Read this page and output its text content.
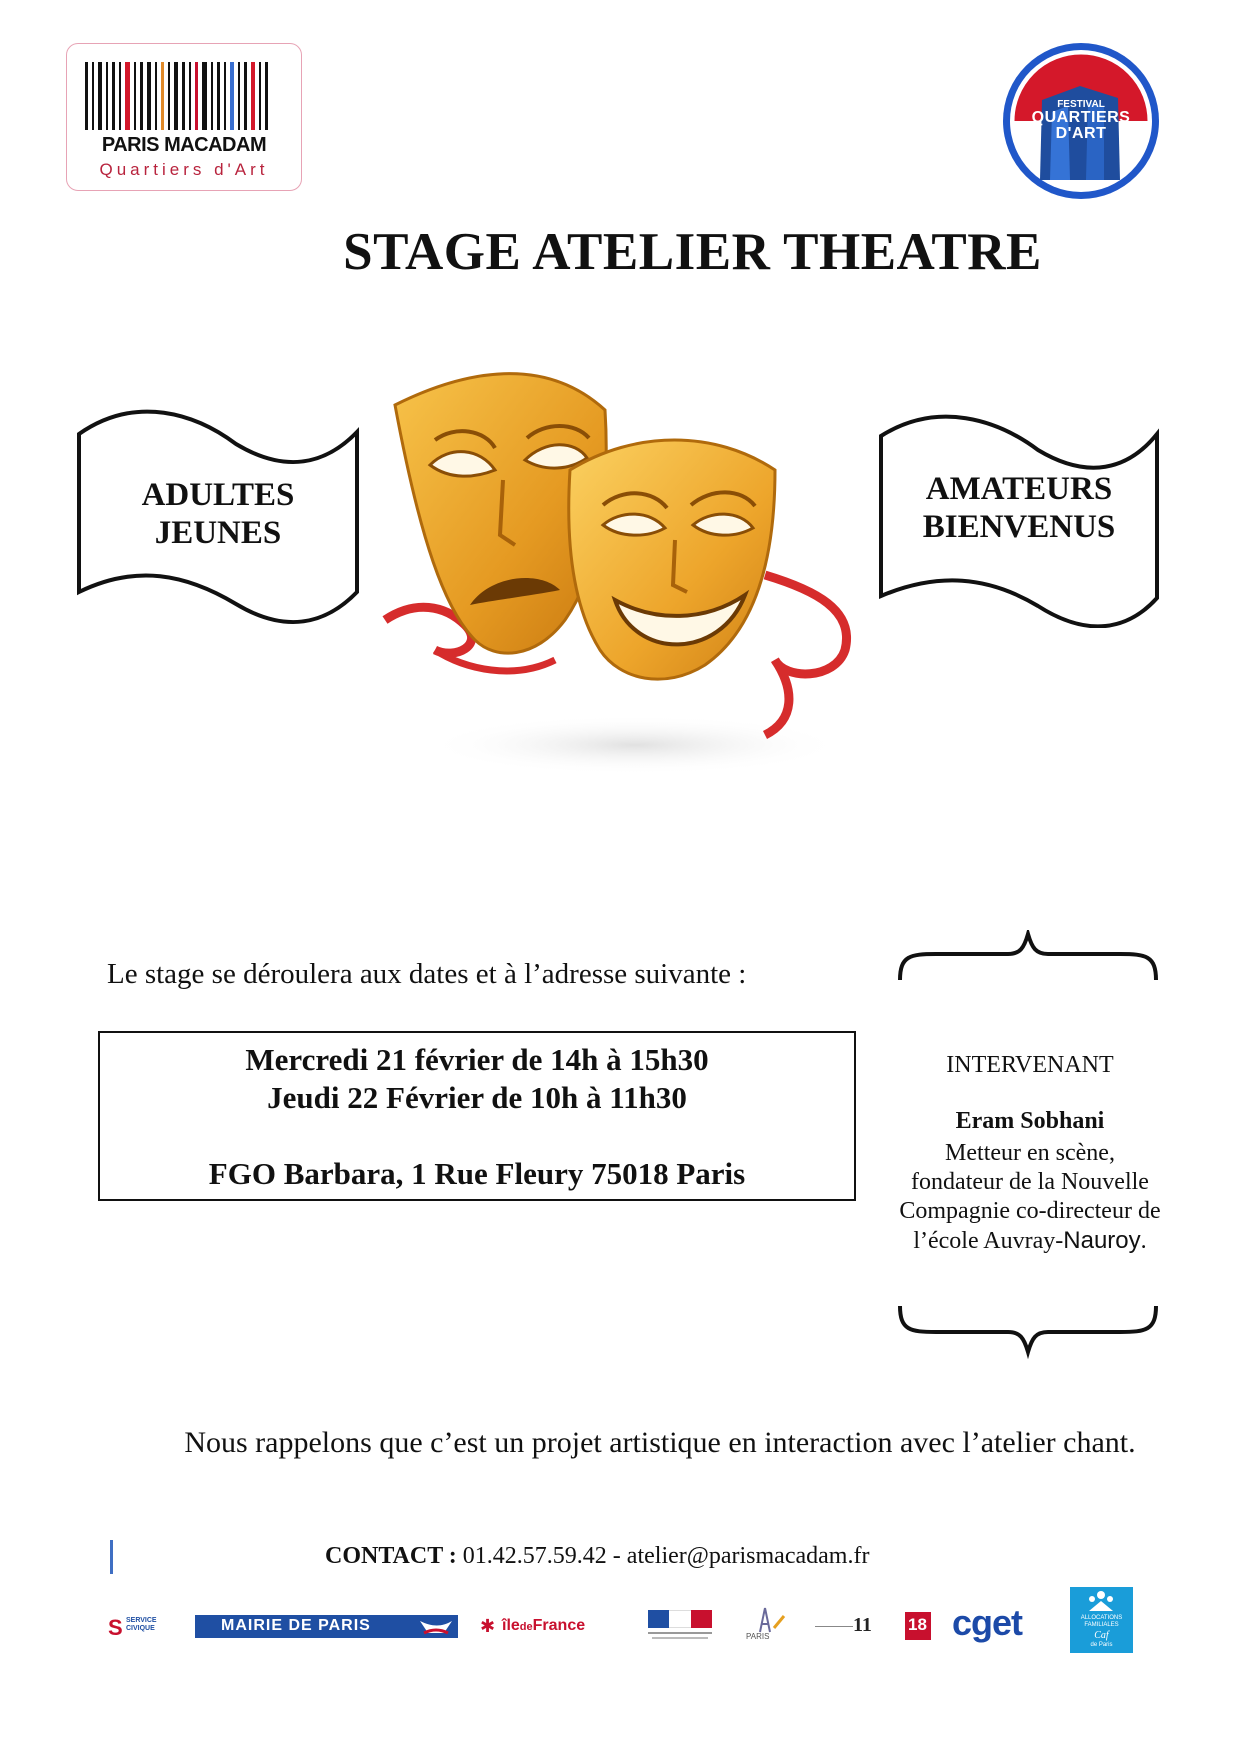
PARIS MACADAM
Quartiers d'Art
FESTIVAL
QUARTIERS
D'ART
STAGE ATELIER THEATRE
ADULTES
JEUNES
AMATEURS
BIENVENUS
Le stage se déroulera aux dates et à l’adresse suivante :
Mercredi 21 février de 14h à 15h30
Jeudi 22 Février de 10h à 11h30
FGO Barbara, 1 Rue Fleury 75018 Paris
INTERVENANT
Eram Sobhani
Metteur en scène,
fondateur de la Nouvelle
Compagnie co-directeur de
l’école Auvray-Nauroy.
Nous rappelons que c’est un projet artistique en interaction avec l’atelier chant.
CONTACT : 01.42.57.59.42 - atelier@parismacadam.fr
S SERVICE CIVIQUE	MAIRIE DE PARIS	✱ îledeFrance
PARIS
11 18 cget	ALLOCATIONS
FAMILIALES
Caf
de Paris
